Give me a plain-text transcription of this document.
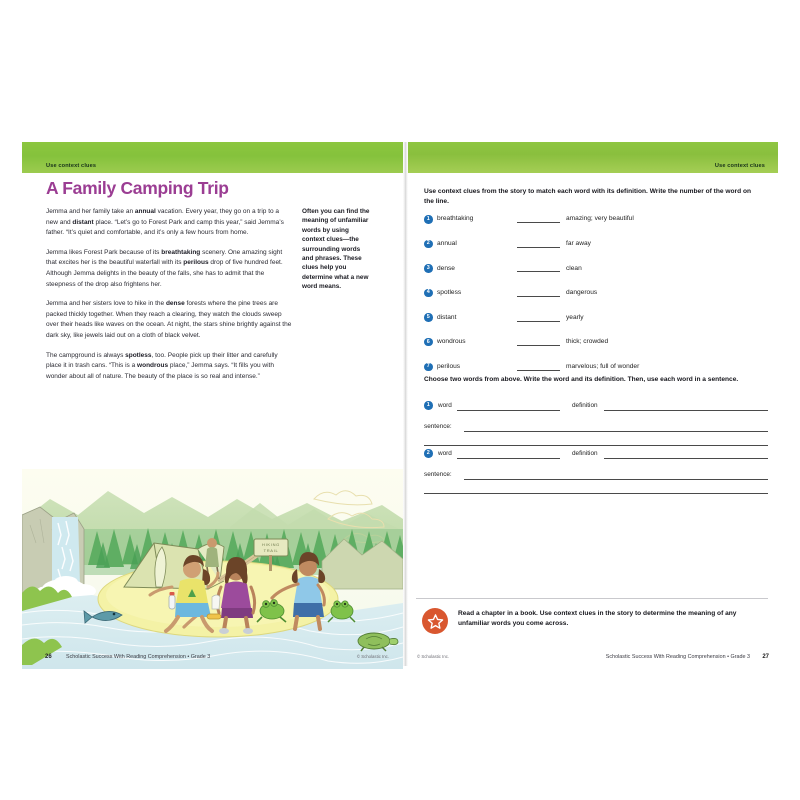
Use context clues
A Family Camping Trip

Jemma and her family take an annual vacation. Every year, they go on a trip to a new and distant place. “Let’s go to Forest Park and camp this year,” said Jemma’s father. “It’s quiet and comfortable, and it’s only a few hours from home.

Jemma likes Forest Park because of its breathtaking scenery. One amazing sight that excites her is the beautiful waterfall with its perilous drop of five hundred feet. Although Jemma delights in the beauty of the falls, she has to admit that the steepness of the drop also frightens her.

Jemma and her sisters love to hike in the dense forests where the pine trees are packed thickly together. When they reach a clearing, they watch the clouds sweep over their heads like waves on the ocean. At night, the stars shine brightly against the dark sky, like jewels laid out on a cloth of black velvet.

The campground is always spotless, too. People pick up their litter and carefully place it in trash cans. “This is a wondrous place,” Jemma says. “It fills you with wonder about all of nature. The beauty of the place is so real and intense.”

Often you can find the meaning of unfamiliar words by using context clues—the surrounding words and phrases. These clues help you determine what a new word means.
HIKING
TRAIL
26	Scholastic Success With Reading Comprehension • Grade 3	© Scholastic Inc.
Use context clues
Use context clues from the story to match each word with its definition. Write the number of the word on the line.
1	breathtaking	amazing; very beautiful
2	annual	far away
3	dense	clean
4	spotless	dangerous
5	distant	yearly
6	wondrous	thick; crowded
7	perilous	marvelous; full of wonder
Choose two words from above. Write the word and its definition. Then, use each word in a sentence.
1	word	definition
sentence:
2	word	definition
sentence:
Read a chapter in a book. Use context clues in the story to determine the meaning of any unfamiliar words you come across.
© Scholastic Inc.	Scholastic Success With Reading Comprehension • Grade 3 27
